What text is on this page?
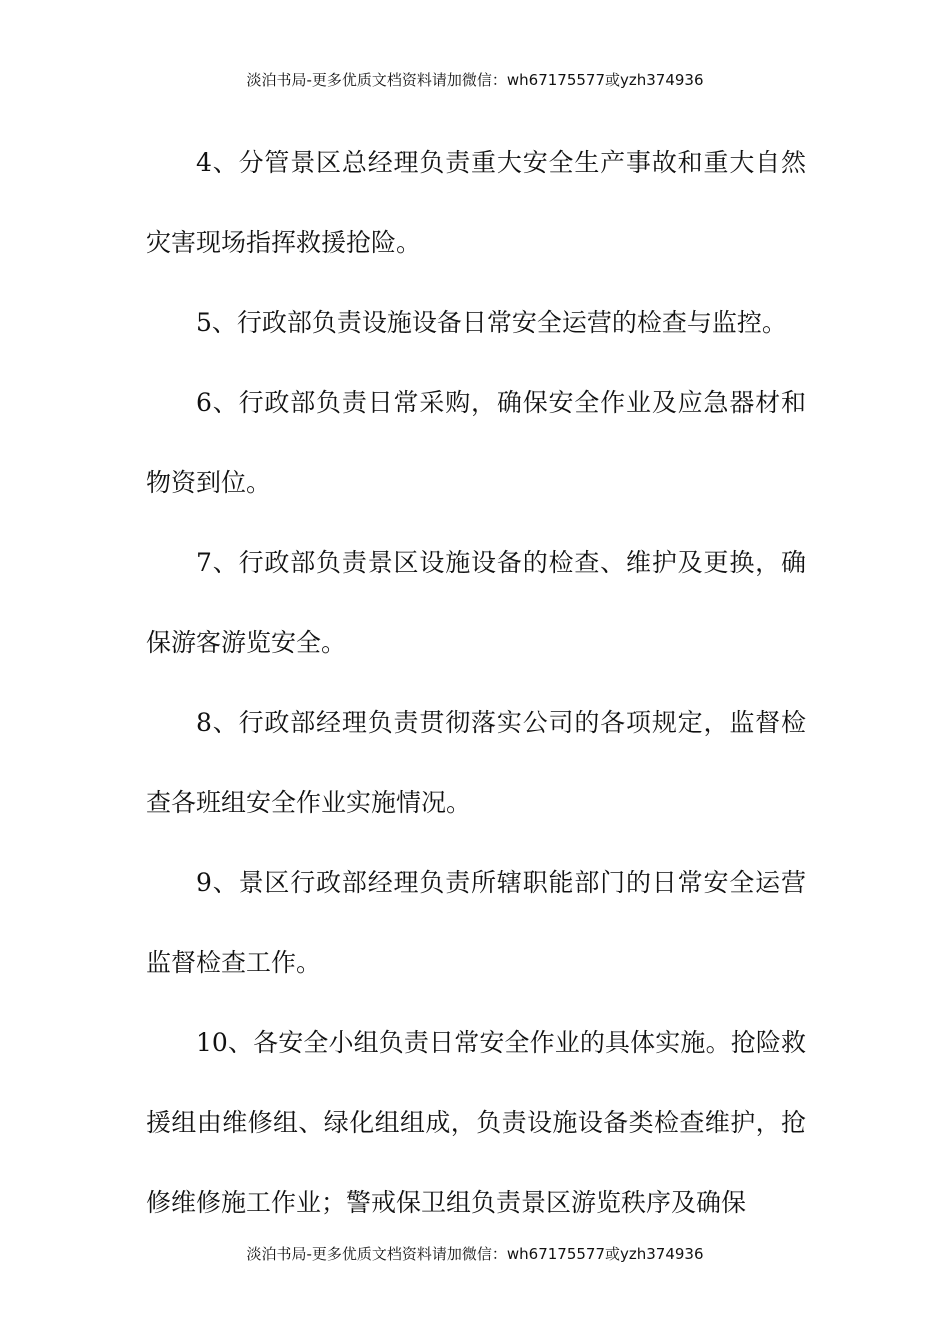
淡泊书局-更多优质文档资料请加微信：wh67175577或yzh374936

4、分管景区总经理负责重大安全生产事故和重大自然灾害现场指挥救援抢险。

5、行政部负责设施设备日常安全运营的检查与监控。

6、行政部负责日常采购，确保安全作业及应急器材和物资到位。

7、行政部负责景区设施设备的检查、维护及更换，确保游客游览安全。

8、行政部经理负责贯彻落实公司的各项规定，监督检查各班组安全作业实施情况。

9、景区行政部经理负责所辖职能部门的日常安全运营监督检查工作。

10、各安全小组负责日常安全作业的具体实施。抢险救援组由维修组、绿化组组成，负责设施设备类检查维护，抢修维修施工作业；警戒保卫组负责景区游览秩序及确保

淡泊书局-更多优质文档资料请加微信：wh67175577或yzh374936
